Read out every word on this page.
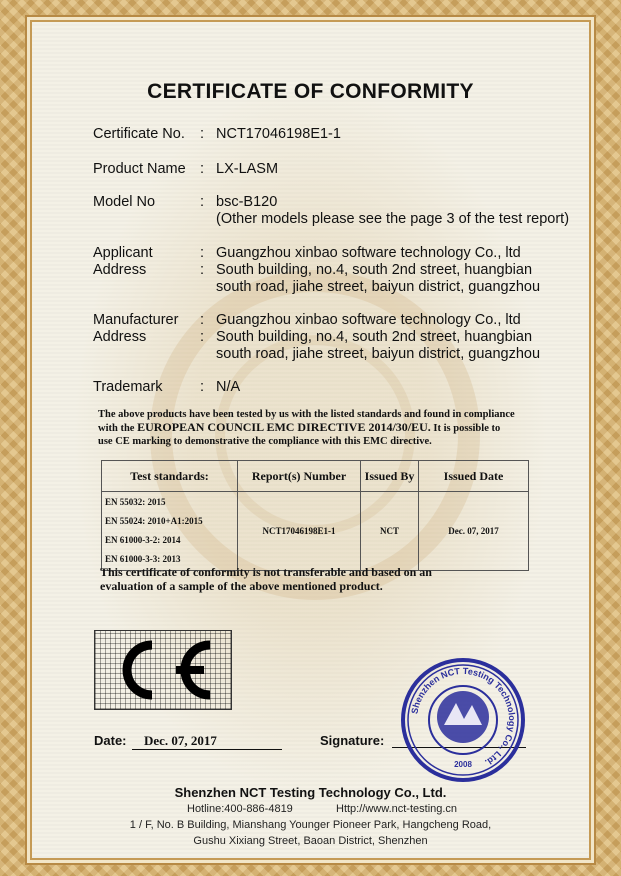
CERTIFICATE OF CONFORMITY
Certificate No. : NCT17046198E1-1
Product Name : LX-LASM
Model No	: bsc-B120
(Other models please see the page 3 of the test report)
Applicant	: Guangzhou xinbao software technology Co., ltd
Address	: South building, no.4, south 2nd street, huangbian
south road, jiahe street, baiyun district, guangzhou
Manufacturer : Guangzhou xinbao software technology Co., ltd
Address	: South building, no.4, south 2nd street, huangbian
south road, jiahe street, baiyun district, guangzhou
Trademark	: N/A
The above products have been tested by us with the listed standards and found in compliance
with the EUROPEAN COUNCIL EMC DIRECTIVE 2014/30/EU. It is possible to
use CE marking to demonstrative the compliance with this EMC directive.
Test standards:	Report(s) Number	Issued By	Issued Date

EN 55032: 2015
EN 55024: 2010+A1:2015
EN 61000-3-2: 2014
EN 61000-3-3: 2013	NCT17046198E1-1	NCT	Dec. 07, 2017
This certificate of conformity is not transferable and based on an
evaluation of a sample of the above mentioned product.
Date:	Dec. 07, 2017	Signature:
Shenzhen NCT Testing Technology Co., Ltd.
2008
Shenzhen NCT Testing Technology Co., Ltd.
Hotline:400-886-4819	Http://www.nct-testing.cn
1 / F, No. B Building, Mianshang Younger Pioneer Park, Hangcheng Road,
Gushu Xixiang Street, Baoan District, Shenzhen
